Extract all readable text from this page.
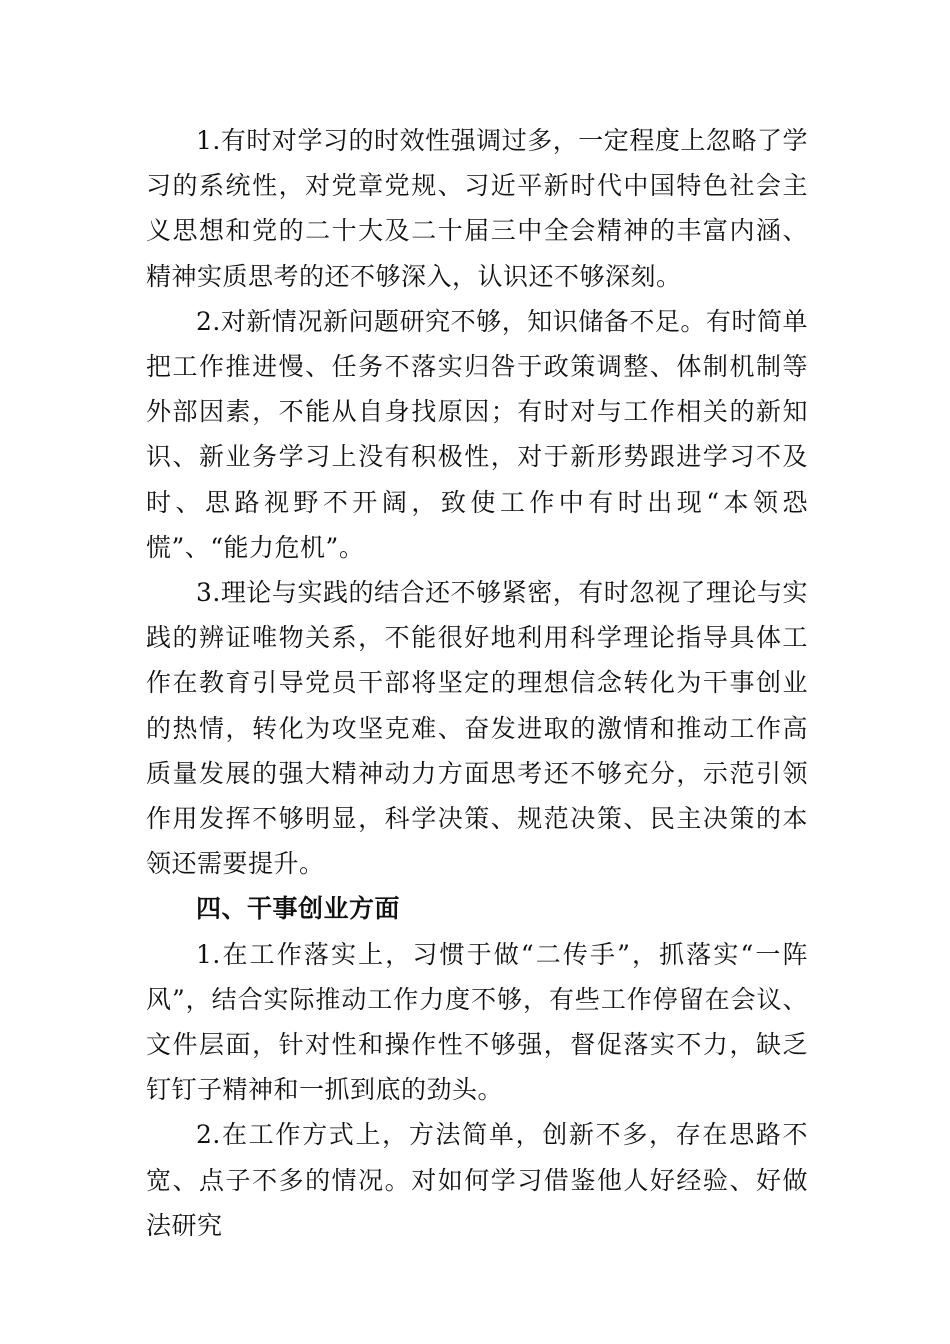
1.有时对学习的时效性强调过多，一定程度上忽略了学习的系统性，对党章党规、习近平新时代中国特色社会主义思想和党的二十大及二十届三中全会精神的丰富内涵、精神实质思考的还不够深入，认识还不够深刻。

2.对新情况新问题研究不够，知识储备不足。有时简单把工作推进慢、任务不落实归咎于政策调整、体制机制等外部因素，不能从自身找原因；有时对与工作相关的新知识、新业务学习上没有积极性，对于新形势跟进学习不及时、思路视野不开阔，致使工作中有时出现“本领恐慌”、“能力危机”。

3.理论与实践的结合还不够紧密，有时忽视了理论与实践的辨证唯物关系，不能很好地利用科学理论指导具体工作在教育引导党员干部将坚定的理想信念转化为干事创业的热情，转化为攻坚克难、奋发进取的激情和推动工作高质量发展的强大精神动力方面思考还不够充分，示范引领作用发挥不够明显，科学决策、规范决策、民主决策的本领还需要提升。

四、干事创业方面

1.在工作落实上，习惯于做“二传手”，抓落实“一阵风”，结合实际推动工作力度不够，有些工作停留在会议、文件层面，针对性和操作性不够强，督促落实不力，缺乏钉钉子精神和一抓到底的劲头。

2.在工作方式上，方法简单，创新不多，存在思路不宽、点子不多的情况。对如何学习借鉴他人好经验、好做法研究
